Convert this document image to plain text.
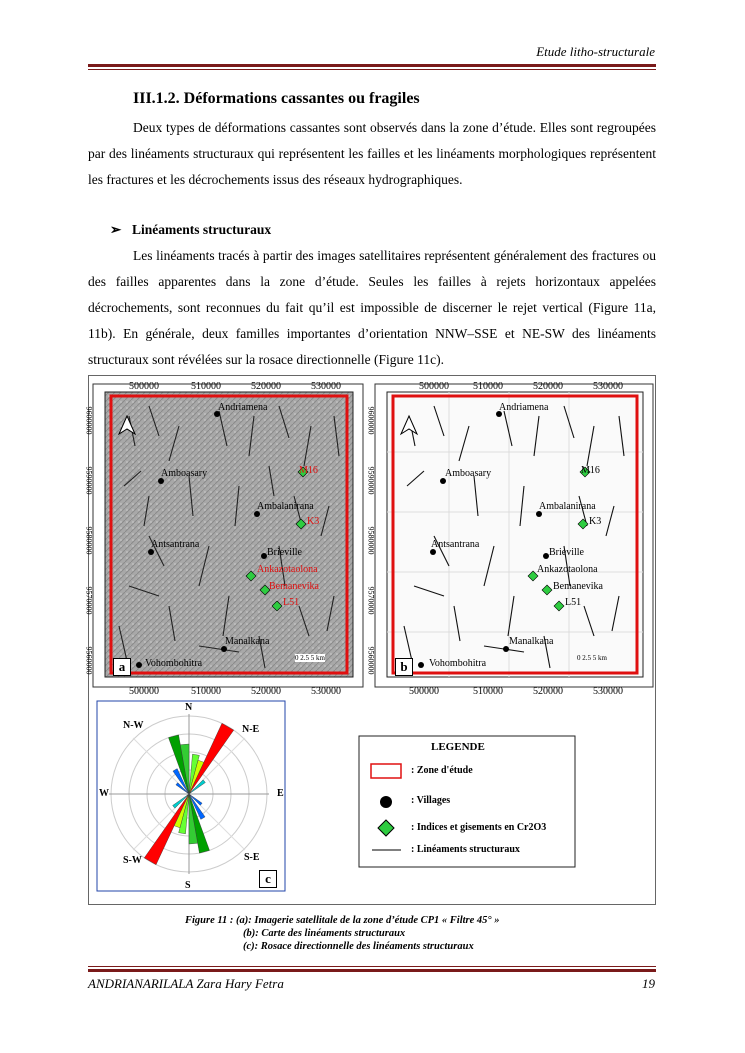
Etude litho-structurale
III.1.2. Déformations cassantes ou fragiles
Deux types de déformations cassantes sont observés dans la zone d’étude. Elles sont regroupées par des linéaments structuraux qui représentent les failles et les linéaments morphologiques représentent les fractures et les décrochements issus des réseaux hydrographiques.
➢ Linéaments structuraux
Les linéaments tracés à partir des images satellitaires représentent généralement des fractures ou des failles apparentes dans la zone d’étude. Seules les failles à rejets horizontaux appelées décrochements, sont reconnues du fait qu’il est impossible de discerner le rejet vertical (Figure 11a, 11b). En générale, deux familles importantes d’orientation NNW–SSE et NE-SW des linéaments structuraux sont révélées sur la rosace directionnelle (Figure 11c).
500000	510000	520000	530000
500000	510000	520000	530000
500000 510000	520000	530000
500000	510000	520000	530000
9600000
9590000
9580000
9570000
9560000
9600000
9590000
9580000
9570000
9560000
Andriamena
Amboasary
Ambalanirana
Antsantrana
Brieville
Manalkana
Vohombohitra
M16
K3
Ankazotaolona
Bemanevika
L51
Andriamena
Amboasary
Ambalanirana
Antsantrana
Brieville
Manalkana
Vohombohitra
M16
K3
Ankazotaolona
Bemanevika
L51
a	b
0 2.5 5 km	0 2.5 5 km
N
N-W	N-E
W	E
S-W	S-E
S	c
LEGENDE
: Zone d'étude
: Villages
: Indices et gisements en Cr2O3
: Linéaments structuraux
Figure 11 : (a): Imagerie satellitale de la zone d’étude CP1 « Filtre 45° »
(b): Carte des linéaments structuraux
(c): Rosace directionnelle des linéaments structuraux
ANDRIANARILALA Zara Hary Fetra	19
